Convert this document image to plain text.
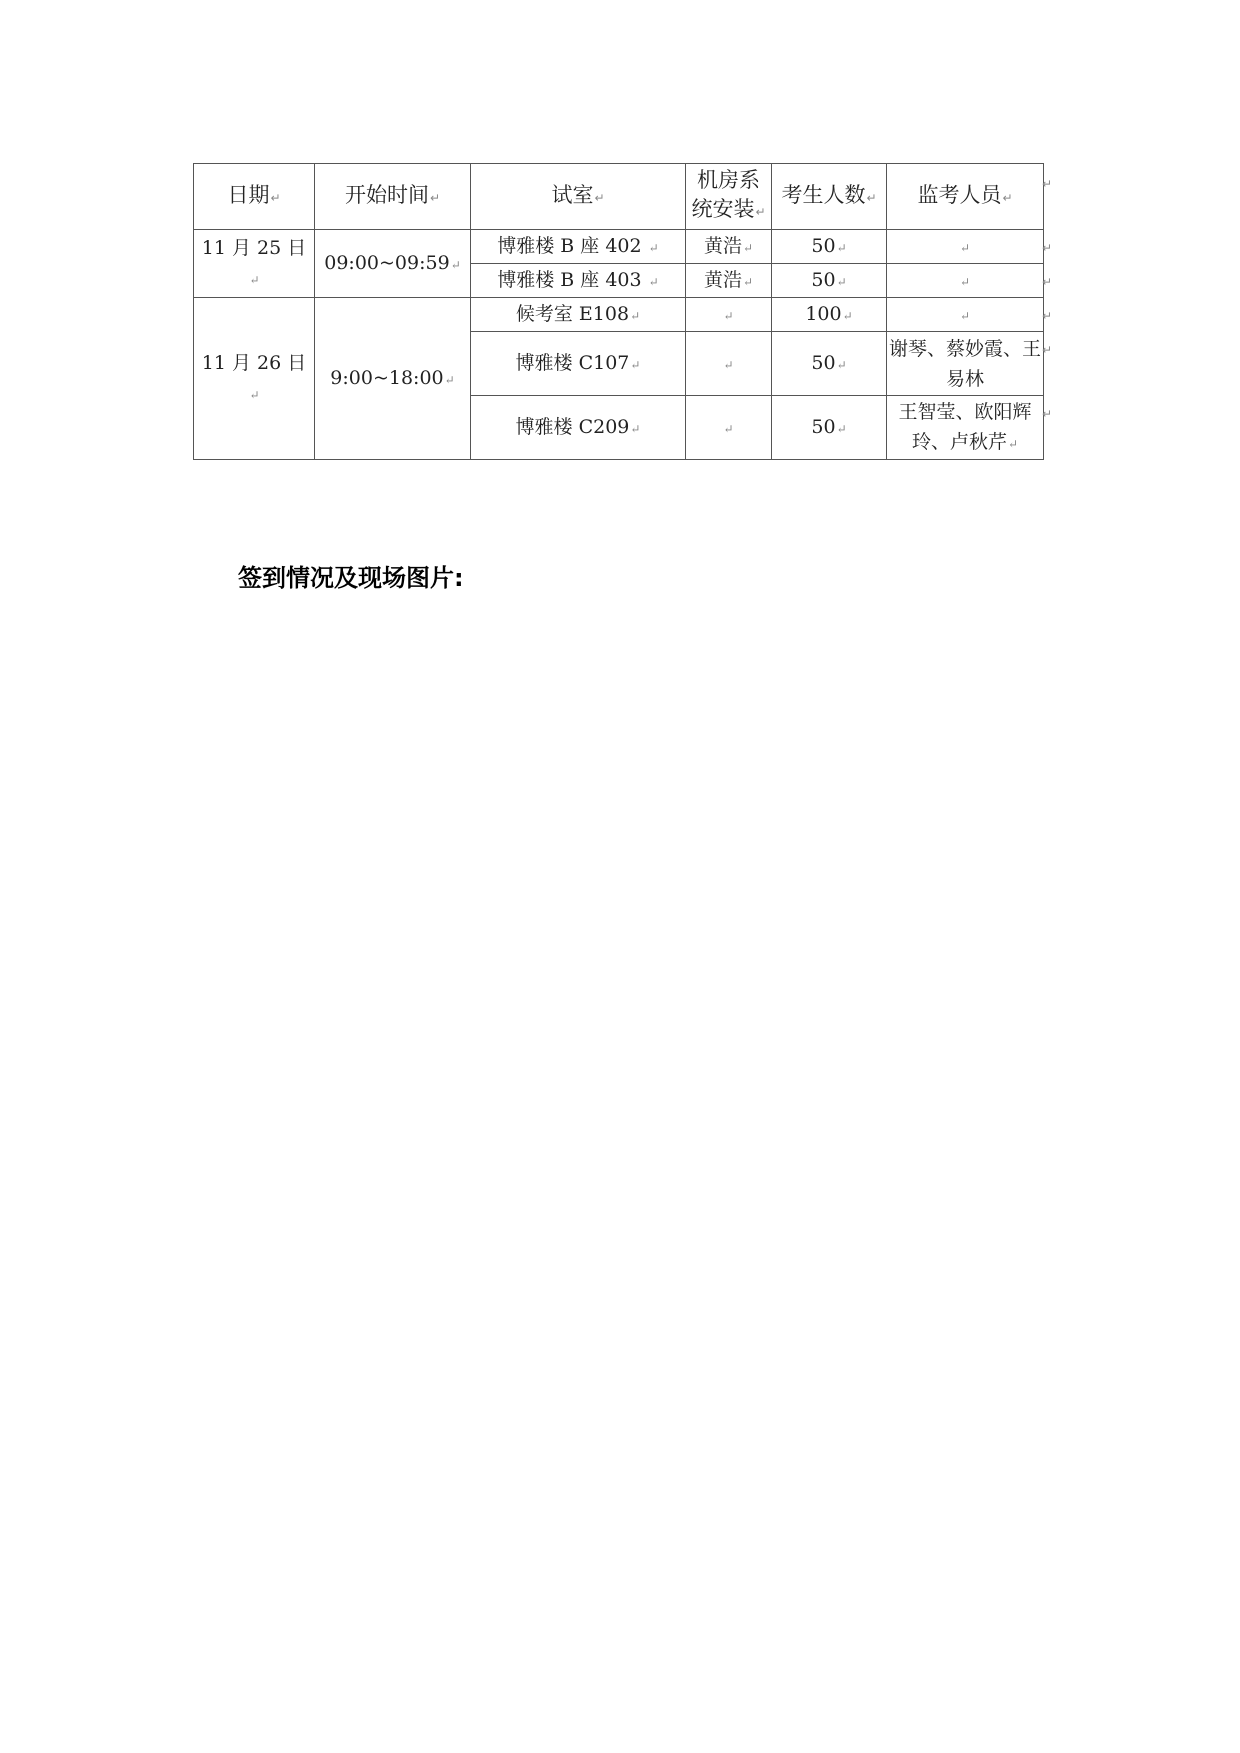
日期↵	开始时间↵	试室↵	机房系统安装↵	考生人数↵	监考人员↵
11 月 25 日↵	09:00~09:59↵	博雅楼 B 座 402 ↵	黄浩↵	50↵	↵
		博雅楼 B 座 403 ↵	黄浩↵	50↵	↵
11 月 26 日↵	9:00~18:00↵	候考室 E108↵	↵	100↵	↵
		博雅楼 C107↵	↵	50↵	谢琴、蔡妙霞、王易林
		博雅楼 C209↵	↵	50↵	王智莹、欧阳辉玲、卢秋芹↵
↵
↵
↵
↵
↵
↵

签到情况及现场图片:
